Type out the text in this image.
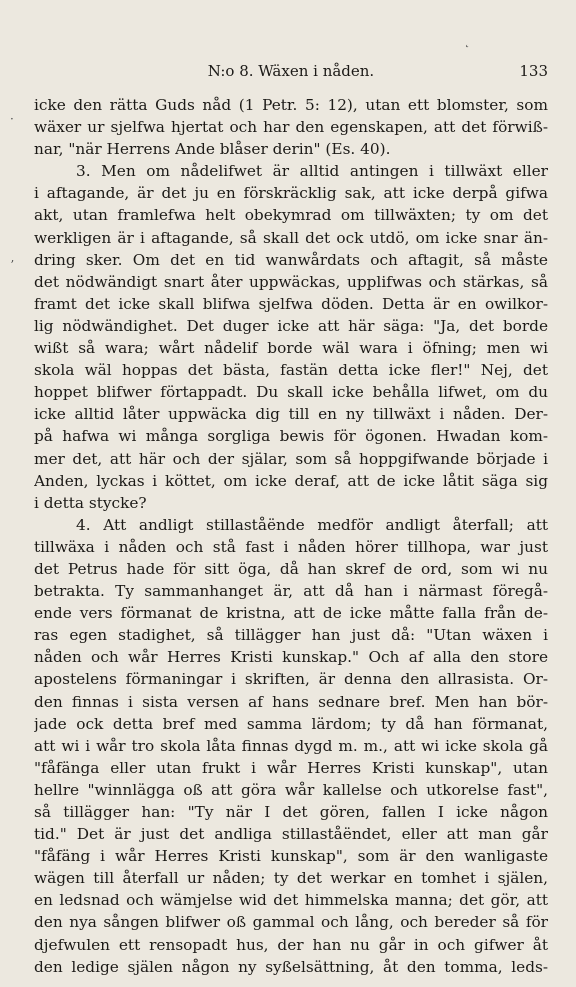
N:o 8. Wäxen i nåden.	133
icke den rätta Guds nåd (1 Petr. 5: 12), utan ett blomster, som
wäxer ur sjelfwa hjertat och har den egenskapen, att det förwiß-
nar, "när Herrens Ande blåser derin" (Es. 40).
3. Men om nådelifwet är alltid antingen i tillwäxt eller
i aftagande, är det ju en förskräcklig sak, att icke derpå gifwa
akt, utan framlefwa helt obekymrad om tillwäxten; ty om det
werkligen är i aftagande, så skall det ock utdö, om icke snar än-
dring sker. Om det en tid wanwårdats och aftagit, så måste
det nödwändigt snart åter uppwäckas, upplifwas och stärkas, så
framt det icke skall blifwa sjelfwa döden. Detta är en owilkor-
lig nödwändighet. Det duger icke att här säga: "Ja, det borde
wißt så wara; wårt nådelif borde wäl wara i öfning; men wi
skola wäl hoppas det bästa, fastän detta icke fler!" Nej, det
hoppet blifwer förtappadt. Du skall icke behålla lifwet, om du
icke alltid låter uppwäcka dig till en ny tillwäxt i nåden. Der-
på hafwa wi många sorgliga bewis för ögonen. Hwadan kom-
mer det, att här och der själar, som så hoppgifwande började i
Anden, lyckas i köttet, om icke deraf, att de icke låtit säga sig
i detta stycke?
4. Att andligt stillaståënde medför andligt återfall; att
tillwäxa i nåden och stå fast i nåden hörer tillhopa, war just
det Petrus hade för sitt öga, då han skref de ord, som wi nu
betrakta. Ty sammanhanget är, att då han i närmast föregå-
ende vers förmanat de kristna, att de icke måtte falla från de-
ras egen stadighet, så tillägger han just då: "Utan wäxen i
nåden och wår Herres Kristi kunskap." Och af alla den store
apostelens förmaningar i skriften, är denna den allrasista. Or-
den finnas i sista versen af hans sednare bref. Men han bör-
jade ock detta bref med samma lärdom; ty då han förmanat,
att wi i wår tro skola låta finnas dygd m. m., att wi icke skola gå
"fåfänga eller utan frukt i wår Herres Kristi kunskap", utan
hellre "winnlägga oß att göra wår kallelse och utkorelse fast",
så tillägger han: "Ty när I det gören, fallen I icke någon
tid." Det är just det andliga stillaståëndet, eller att man går
"fåfäng i wår Herres Kristi kunskap", som är den wanligaste
wägen till återfall ur nåden; ty det werkar en tomhet i själen,
en ledsnad och wämjelse wid det himmelska manna; det gör, att
den nya sången blifwer oß gammal och lång, och bereder så för
djefwulen ett rensopadt hus, der han nu går in och gifwer åt
den ledige själen någon ny syßelsättning, åt den tomma, leds-
·
ʼ
˛
